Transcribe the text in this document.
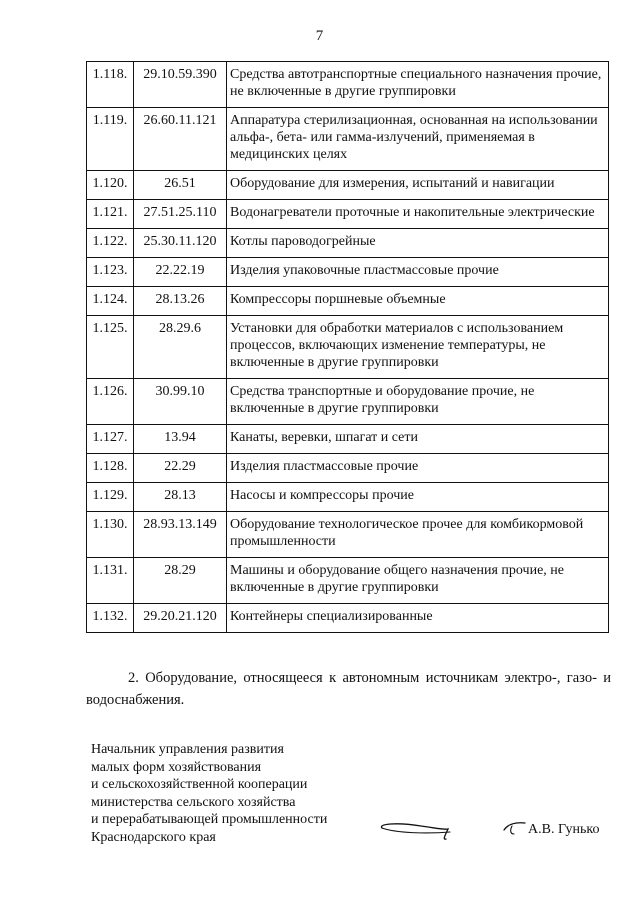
7
1.118.	29.10.59.390	Средства автотранспортные специального назначения прочие, не включенные в другие группировки
1.119.	26.60.11.121	Аппаратура стерилизационная, основанная на использовании альфа-, бета- или гамма-излучений, применяемая в медицинских целях
1.120.	26.51	Оборудование для измерения, испытаний и навигации
1.121.	27.51.25.110	Водонагреватели проточные и накопительные электрические
1.122.	25.30.11.120	Котлы пароводогрейные
1.123.	22.22.19	Изделия упаковочные пластмассовые прочие
1.124.	28.13.26	Компрессоры поршневые объемные
1.125.	28.29.6	Установки для обработки материалов с использованием процессов, включающих изменение температуры, не включенные в другие группировки
1.126.	30.99.10	Средства транспортные и оборудование прочие, не включенные в другие группировки
1.127.	13.94	Канаты, веревки, шпагат и сети
1.128.	22.29	Изделия пластмассовые прочие
1.129.	28.13	Насосы и компрессоры прочие
1.130.	28.93.13.149	Оборудование технологическое прочее для комбикормовой промышленности
1.131.	28.29	Машины и оборудование общего назначения прочие, не включенные в другие группировки
1.132.	29.20.21.120	Контейнеры специализированные
2. Оборудование, относящееся к автономным источникам электро-, газо- и водоснабжения.
Начальник управления развития
малых форм хозяйствования
и сельскохозяйственной кооперации
министерства сельского хозяйства
и перерабатывающей промышленности
Краснодарского края	А.В. Гунько
